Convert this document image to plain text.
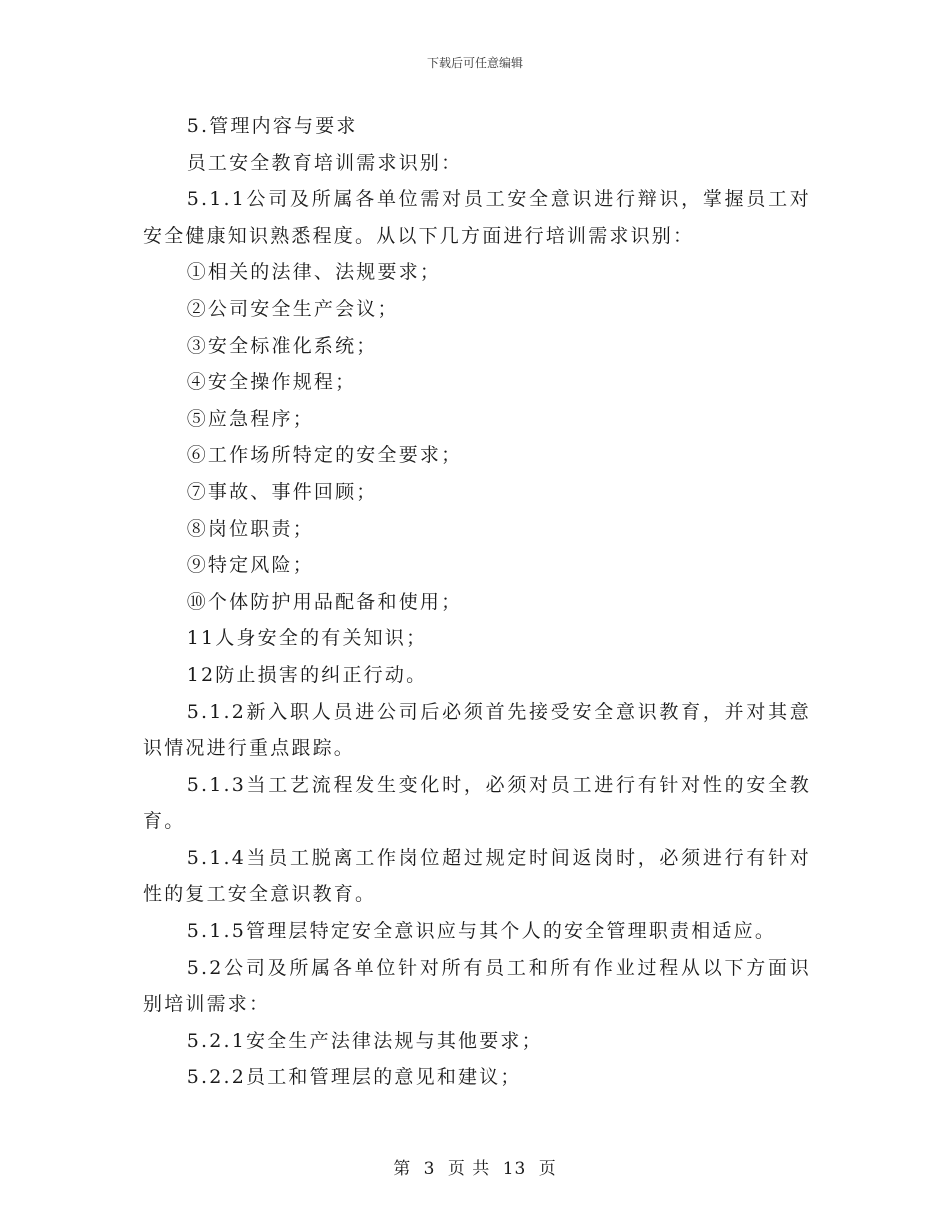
下载后可任意编辑

5.管理内容与要求

员工安全教育培训需求识别：

5.1.1公司及所属各单位需对员工安全意识进行辩识，掌握员工对安全健康知识熟悉程度。从以下几方面进行培训需求识别：

①相关的法律、法规要求；

②公司安全生产会议；

③安全标准化系统；

④安全操作规程；

⑤应急程序；

⑥工作场所特定的安全要求；

⑦事故、事件回顾；

⑧岗位职责；

⑨特定风险；

⑩个体防护用品配备和使用；

11人身安全的有关知识；

12防止损害的纠正行动。

5.1.2新入职人员进公司后必须首先接受安全意识教育，并对其意识情况进行重点跟踪。

5.1.3当工艺流程发生变化时，必须对员工进行有针对性的安全教育。

5.1.4当员工脱离工作岗位超过规定时间返岗时，必须进行有针对性的复工安全意识教育。

5.1.5管理层特定安全意识应与其个人的安全管理职责相适应。

5.2公司及所属各单位针对所有员工和所有作业过程从以下方面识别培训需求：

5.2.1安全生产法律法规与其他要求；

5.2.2员工和管理层的意见和建议；

第 3 页 共 13 页
